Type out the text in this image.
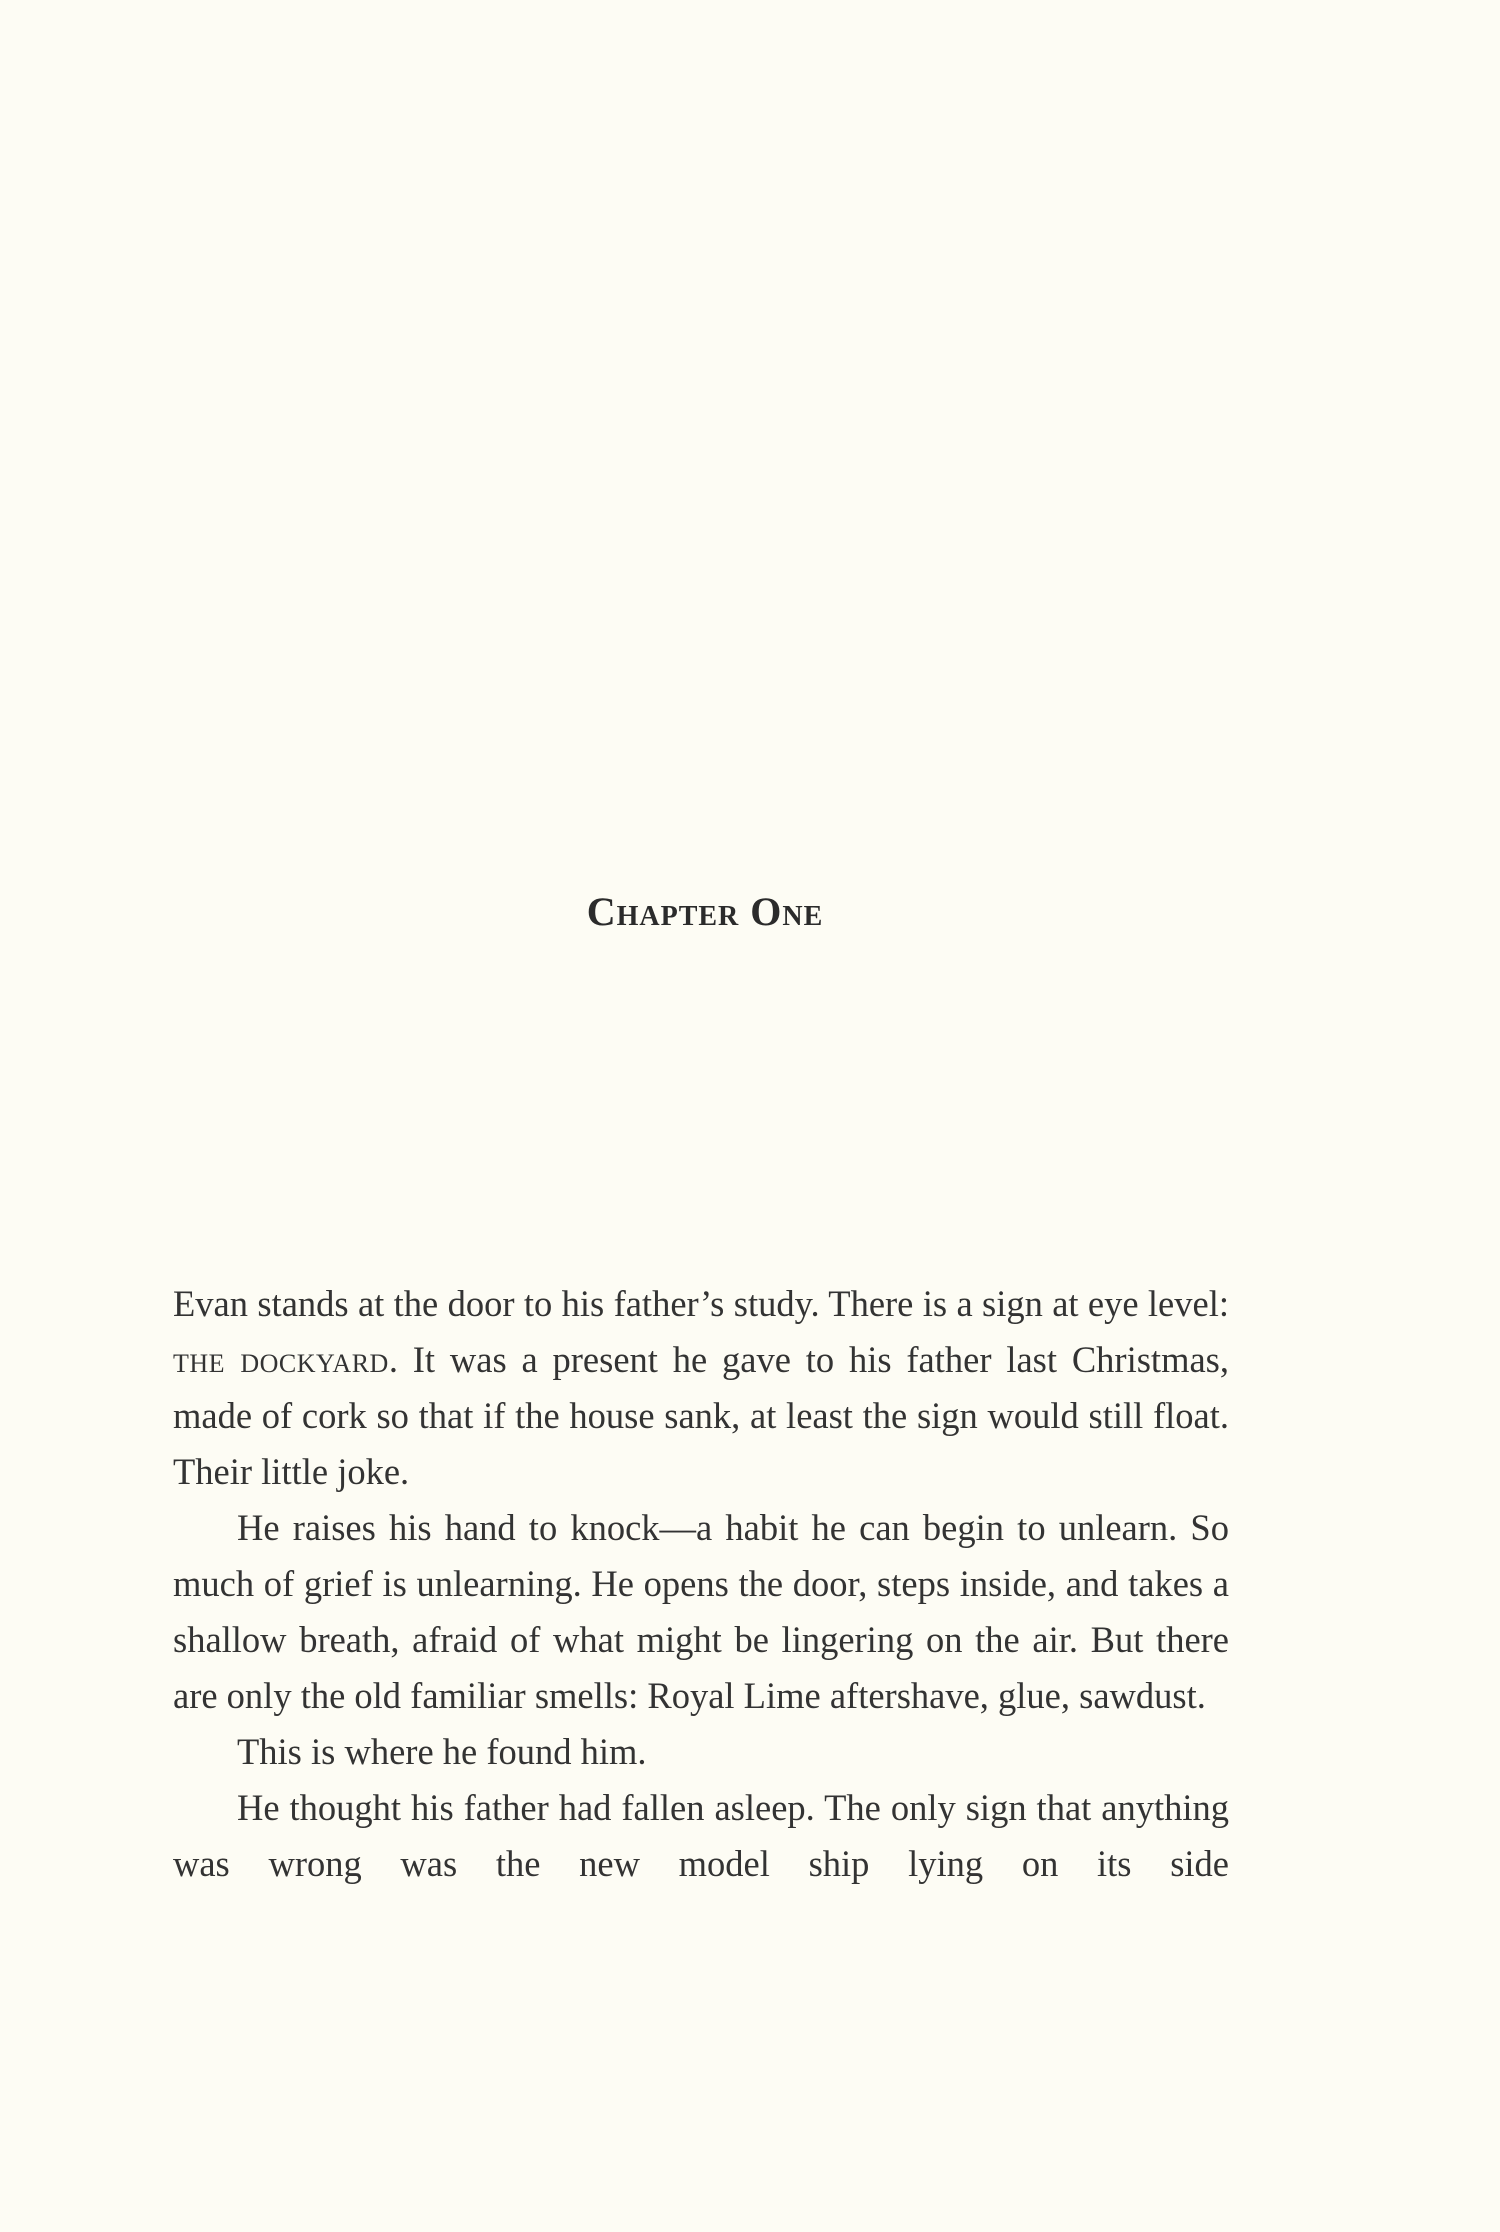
Chapter One

Evan stands at the door to his father’s study. There is a sign at eye level: the dockyard. It was a present he gave to his father last Christmas, made of cork so that if the house sank, at least the sign would still float. Their little joke.

He raises his hand to knock—a habit he can begin to unlearn. So much of grief is unlearning. He opens the door, steps inside, and takes a shallow breath, afraid of what might be lingering on the air. But there are only the old familiar smells: Royal Lime aftershave, glue, sawdust.

This is where he found him.

He thought his father had fallen asleep. The only sign that anything was wrong was the new model ship lying on its side
